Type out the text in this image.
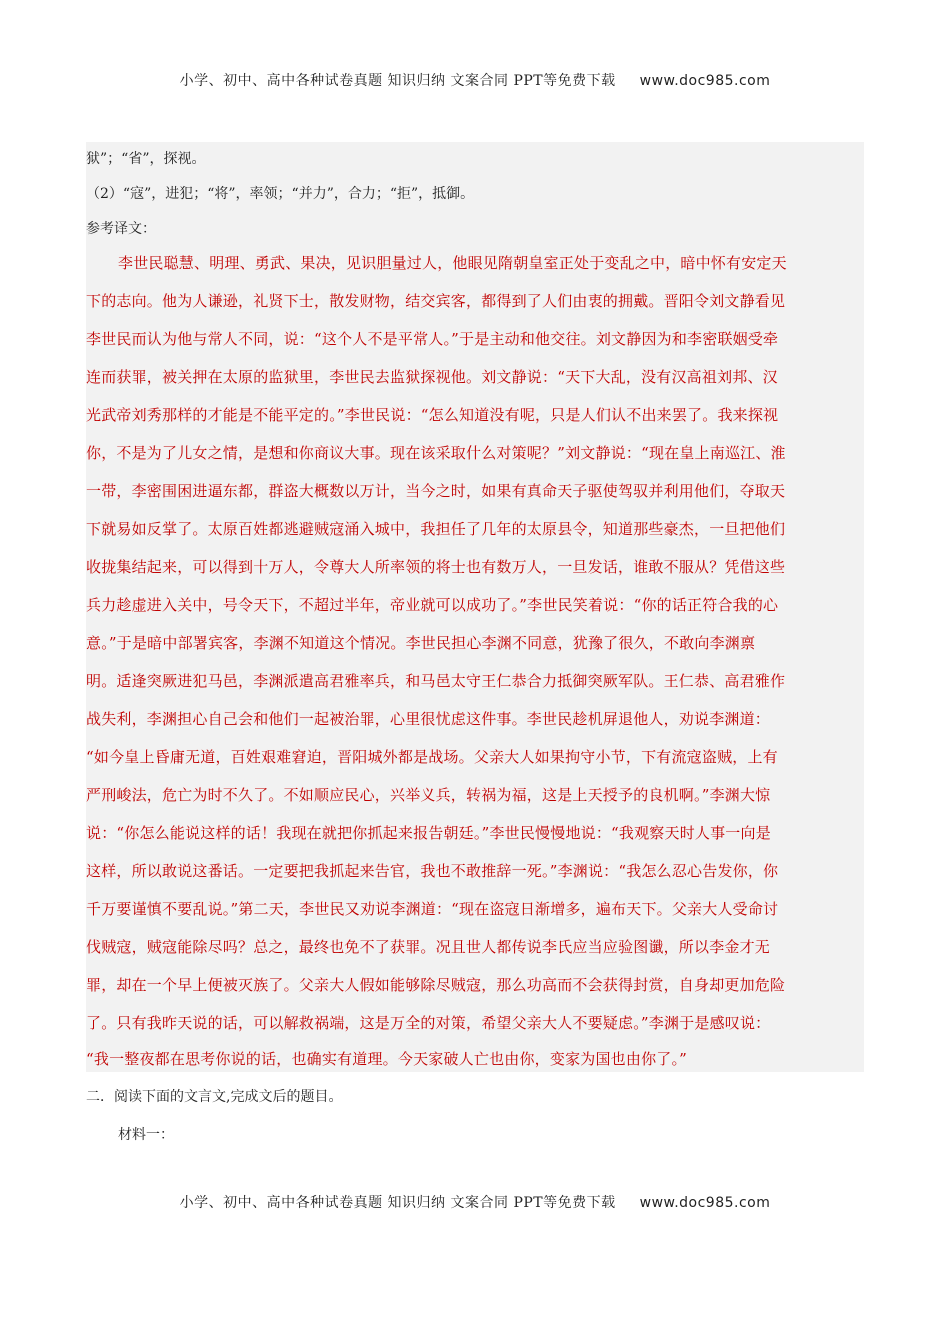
小学、初中、高中各种试卷真题 知识归纳 文案合同 PPT等免费下载 www.doc985.com
狱”；“省”，探视。
（2）“寇”，进犯；“将”，率领；“并力”，合力；“拒”，抵御。
参考译文：
李世民聪慧、明理、勇武、果决，见识胆量过人，他眼见隋朝皇室正处于变乱之中，暗中怀有安定天
下的志向。他为人谦逊，礼贤下士，散发财物，结交宾客，都得到了人们由衷的拥戴。晋阳令刘文静看见
李世民而认为他与常人不同，说：“这个人不是平常人。”于是主动和他交往。刘文静因为和李密联姻受牵
连而获罪，被关押在太原的监狱里，李世民去监狱探视他。刘文静说：“天下大乱，没有汉高祖刘邦、汉
光武帝刘秀那样的才能是不能平定的。”李世民说：“怎么知道没有呢，只是人们认不出来罢了。我来探视
你，不是为了儿女之情，是想和你商议大事。现在该采取什么对策呢？”刘文静说：“现在皇上南巡江、淮
一带，李密围困进逼东都，群盗大概数以万计，当今之时，如果有真命天子驱使驾驭并利用他们，夺取天
下就易如反掌了。太原百姓都逃避贼寇涌入城中，我担任了几年的太原县令，知道那些豪杰，一旦把他们
收拢集结起来，可以得到十万人，令尊大人所率领的将士也有数万人，一旦发话，谁敢不服从？凭借这些
兵力趁虚进入关中，号令天下，不超过半年，帝业就可以成功了。”李世民笑着说：“你的话正符合我的心
意。”于是暗中部署宾客，李渊不知道这个情况。李世民担心李渊不同意，犹豫了很久，不敢向李渊禀
明。适逢突厥进犯马邑，李渊派遣高君雅率兵，和马邑太守王仁恭合力抵御突厥军队。王仁恭、高君雅作
战失利，李渊担心自己会和他们一起被治罪，心里很忧虑这件事。李世民趁机屏退他人，劝说李渊道：
“如今皇上昏庸无道，百姓艰难窘迫，晋阳城外都是战场。父亲大人如果拘守小节，下有流寇盗贼，上有
严刑峻法，危亡为时不久了。不如顺应民心，兴举义兵，转祸为福，这是上天授予的良机啊。”李渊大惊
说：“你怎么能说这样的话！我现在就把你抓起来报告朝廷。”李世民慢慢地说：“我观察天时人事一向是
这样，所以敢说这番话。一定要把我抓起来告官，我也不敢推辞一死。”李渊说：“我怎么忍心告发你，你
千万要谨慎不要乱说。”第二天，李世民又劝说李渊道：“现在盗寇日渐增多，遍布天下。父亲大人受命讨
伐贼寇，贼寇能除尽吗？总之，最终也免不了获罪。况且世人都传说李氏应当应验图谶，所以李金才无
罪，却在一个早上便被灭族了。父亲大人假如能够除尽贼寇，那么功高而不会获得封赏，自身却更加危险
了。只有我昨天说的话，可以解救祸端，这是万全的对策，希望父亲大人不要疑虑。”李渊于是感叹说：
“我一整夜都在思考你说的话，也确实有道理。今天家破人亡也由你，变家为国也由你了。”
二．阅读下面的文言文,完成文后的题目。
材料一：
小学、初中、高中各种试卷真题 知识归纳 文案合同 PPT等免费下载 www.doc985.com
